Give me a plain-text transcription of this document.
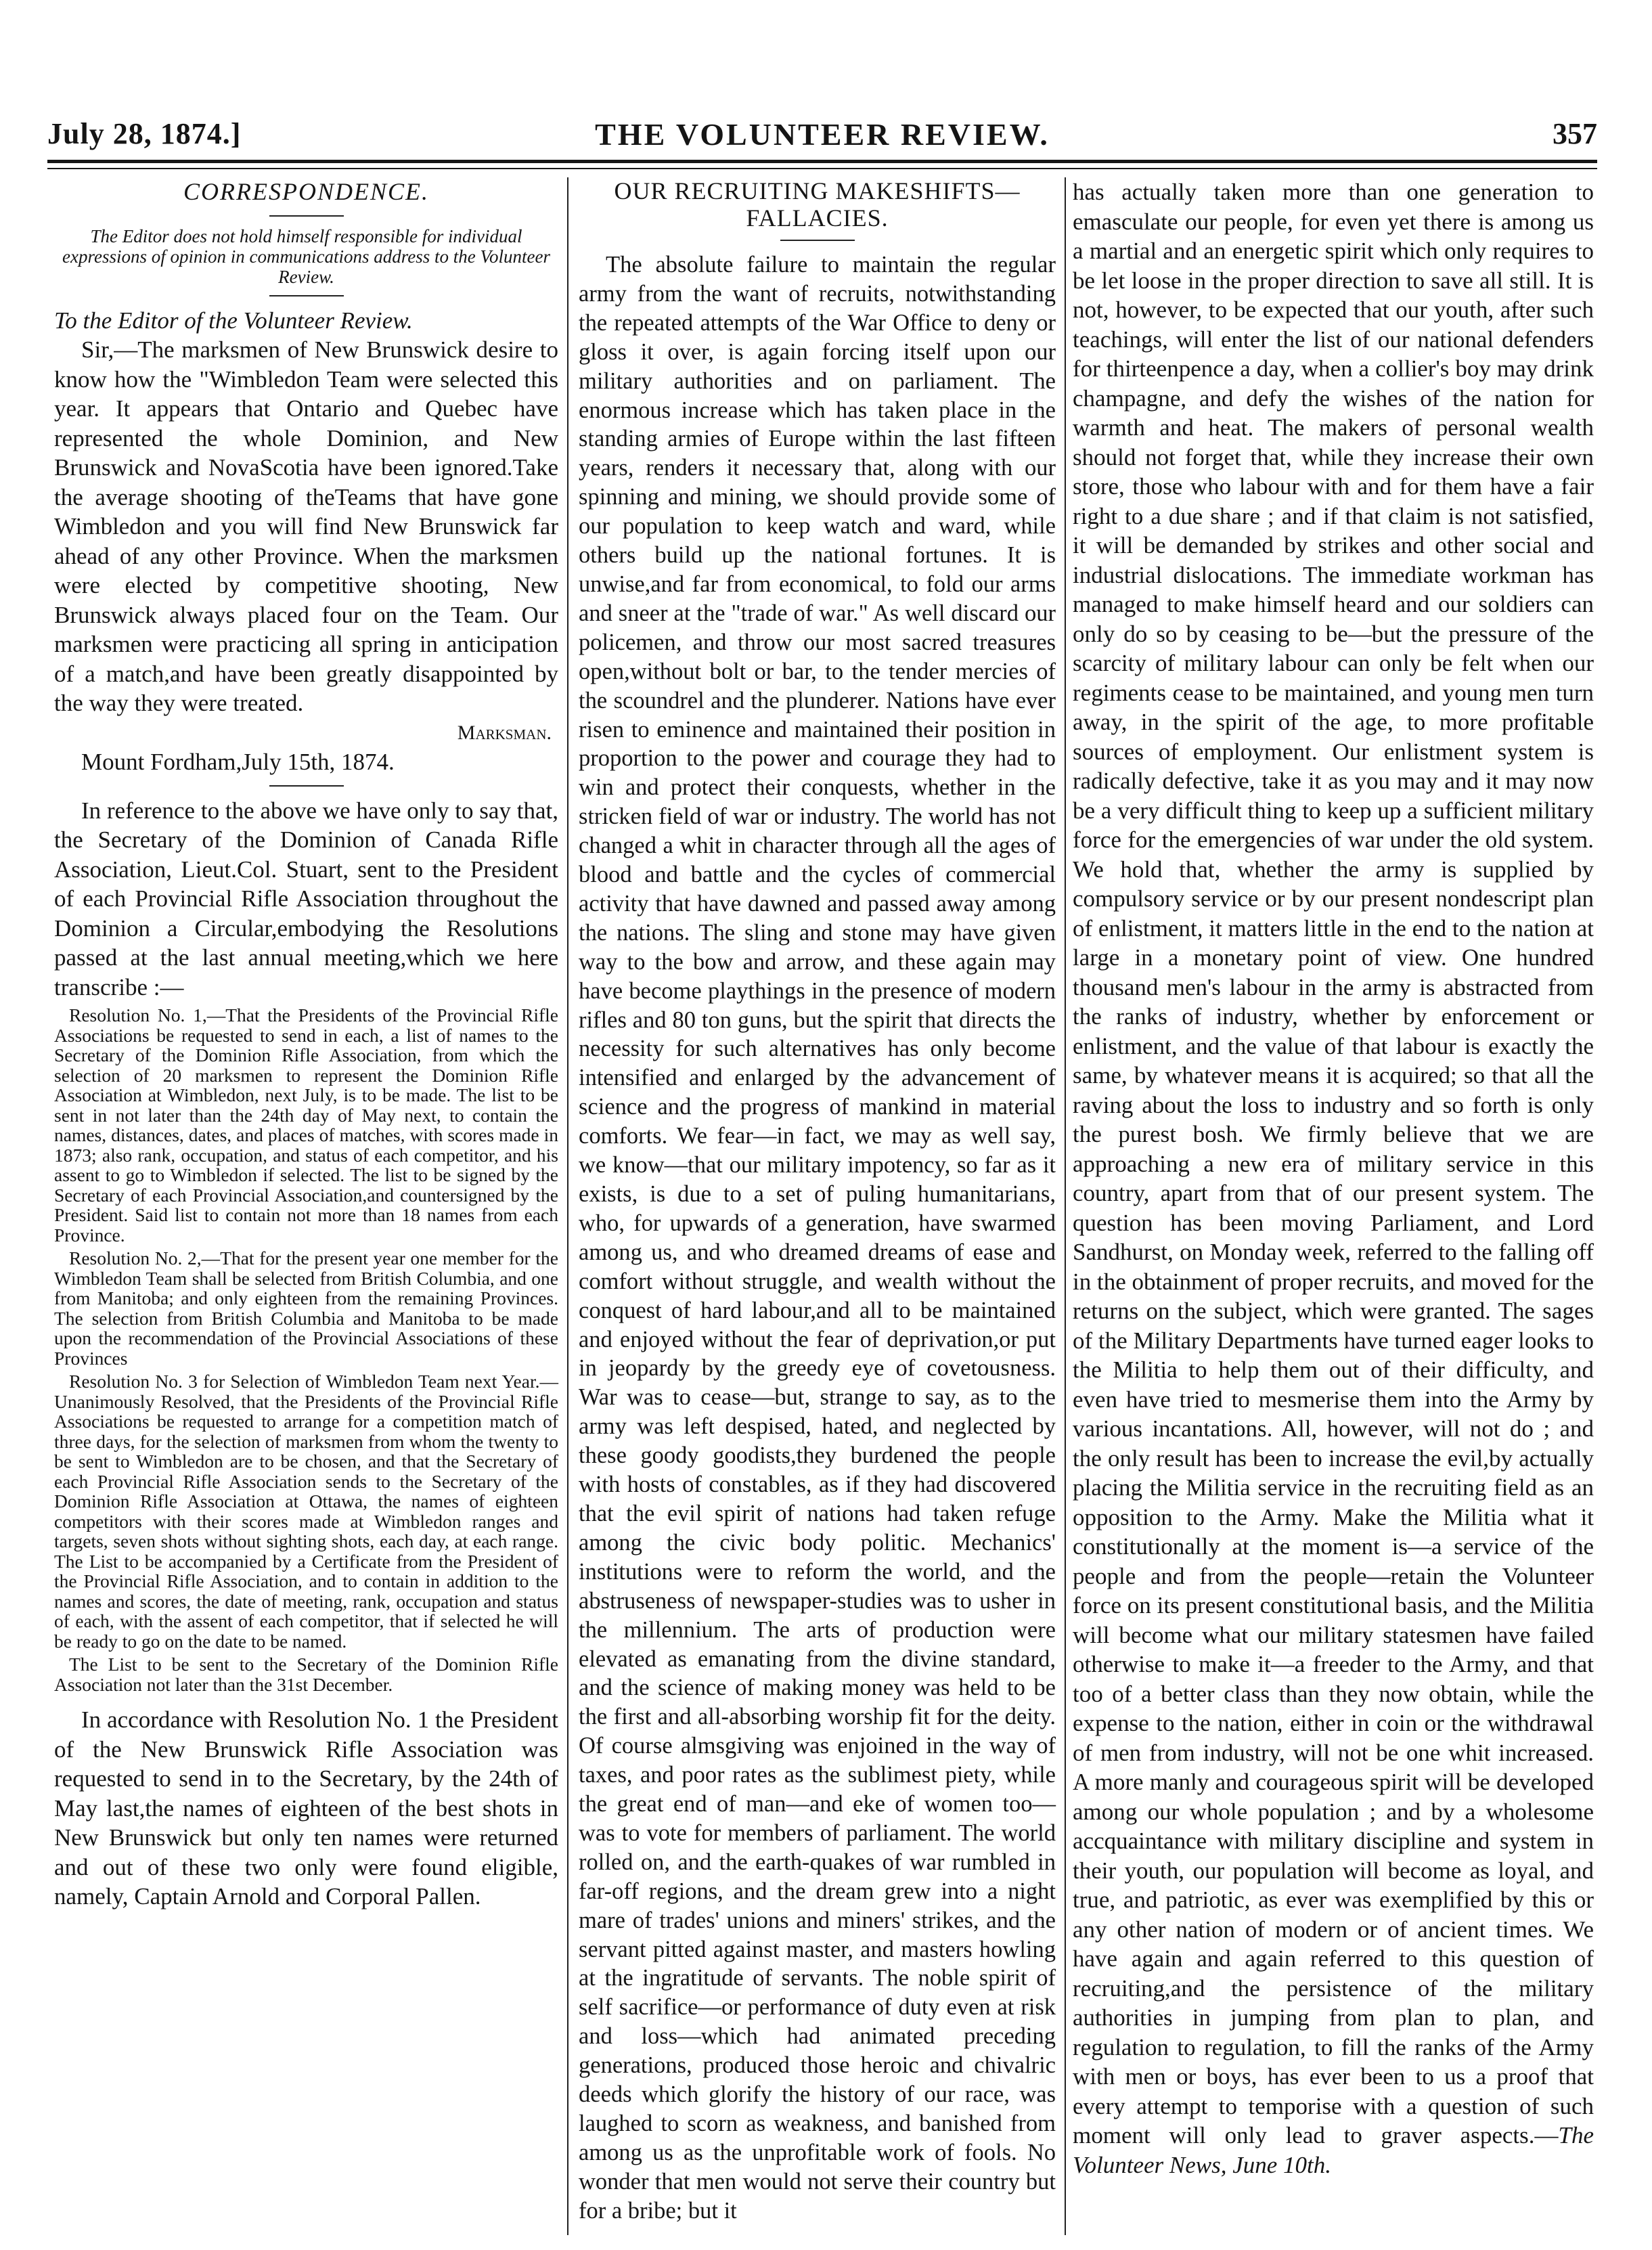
July 28, 1874.]	THE VOLUNTEER REVIEW.	357

CORRESPONDENCE.

The Editor does not hold himself responsible for individual expressions of opinion in communications address to the Volunteer Review.

To the Editor of the Volunteer Review.

Sir,—The marksmen of New Brunswick desire to know how the "Wimbledon Team were selected this year. It appears that Ontario and Quebec have represented the whole Dominion, and New Brunswick and NovaScotia have been ignored.Take the average shooting of theTeams that have gone Wimbledon and you will find New Brunswick far ahead of any other Province. When the marksmen were elected by competitive shooting, New Brunswick always placed four on the Team. Our marksmen were practicing all spring in anticipation of a match,and have been greatly disappointed by the way they were treated.

Marksman.

Mount Fordham,July 15th, 1874.

In reference to the above we have only to say that, the Secretary of the Dominion of Canada Rifle Association, Lieut.Col. Stuart, sent to the President of each Provincial Rifle Association throughout the Dominion a Circular,embodying the Resolutions passed at the last annual meeting,which we here transcribe :—

Resolution No. 1,—That the Presidents of the Provincial Rifle Associations be requested to send in each, a list of names to the Secretary of the Dominion Rifle Association, from which the selection of 20 marksmen to represent the Dominion Rifle Association at Wimbledon, next July, is to be made. The list to be sent in not later than the 24th day of May next, to contain the names, distances, dates, and places of matches, with scores made in 1873; also rank, occupation, and status of each competitor, and his assent to go to Wimbledon if selected. The list to be signed by the Secretary of each Provincial Association,and countersigned by the President. Said list to contain not more than 18 names from each Province.

Resolution No. 2,—That for the present year one member for the Wimbledon Team shall be selected from British Columbia, and one from Manitoba; and only eighteen from the remaining Provinces. The selection from British Columbia and Manitoba to be made upon the recommendation of the Provincial Associations of these Provinces

Resolution No. 3 for Selection of Wimbledon Team next Year.—Unanimously Resolved, that the Presidents of the Provincial Rifle Associations be requested to arrange for a competition match of three days, for the selection of marksmen from whom the twenty to be sent to Wimbledon are to be chosen, and that the Secretary of each Provincial Rifle Association sends to the Secretary of the Dominion Rifle Association at Ottawa, the names of eighteen competitors with their scores made at Wimbledon ranges and targets, seven shots without sighting shots, each day, at each range. The List to be accompanied by a Certificate from the President of the Provincial Rifle Association, and to contain in addition to the names and scores, the date of meeting, rank, occupation and status of each, with the assent of each competitor, that if selected he will be ready to go on the date to be named.

The List to be sent to the Secretary of the Dominion Rifle Association not later than the 31st December.

In accordance with Resolution No. 1 the President of the New Brunswick Rifle Association was requested to send in to the Secretary, by the 24th of May last,the names of eighteen of the best shots in New Brunswick but only ten names were returned and out of these two only were found eligible, namely, Captain Arnold and Corporal Pallen.

OUR RECRUITING MAKESHIFTS—FALLACIES.

The absolute failure to maintain the regular army from the want of recruits, notwithstanding the repeated attempts of the War Office to deny or gloss it over, is again forcing itself upon our military authorities and on parliament. The enormous increase which has taken place in the standing armies of Europe within the last fifteen years, renders it necessary that, along with our spinning and mining, we should provide some of our population to keep watch and ward, while others build up the national fortunes. It is unwise,and far from economical, to fold our arms and sneer at the "trade of war." As well discard our policemen, and throw our most sacred treasures open,without bolt or bar, to the tender mercies of the scoundrel and the plunderer. Nations have ever risen to eminence and maintained their position in proportion to the power and courage they had to win and protect their conquests, whether in the stricken field of war or industry. The world has not changed a whit in character through all the ages of blood and battle and the cycles of commercial activity that have dawned and passed away among the nations. The sling and stone may have given way to the bow and arrow, and these again may have become playthings in the presence of modern rifles and 80 ton guns, but the spirit that directs the necessity for such alternatives has only become intensified and enlarged by the advancement of science and the progress of mankind in material comforts. We fear—in fact, we may as well say, we know—that our military impotency, so far as it exists, is due to a set of puling humanitarians, who, for upwards of a generation, have swarmed among us, and who dreamed dreams of ease and comfort without struggle, and wealth without the conquest of hard labour,and all to be maintained and enjoyed without the fear of deprivation,or put in jeopardy by the greedy eye of covetousness. War was to cease—but, strange to say, as to the army was left despised, hated, and neglected by these goody goodists,they burdened the people with hosts of constables, as if they had discovered that the evil spirit of nations had taken refuge among the civic body politic. Mechanics' institutions were to reform the world, and the abstruseness of newspaper-studies was to usher in the millennium. The arts of production were elevated as emanating from the divine standard, and the science of making money was held to be the first and all-absorbing worship fit for the deity. Of course almsgiving was enjoined in the way of taxes, and poor rates as the sublimest piety, while the great end of man—and eke of women too—was to vote for members of parliament. The world rolled on, and the earth-quakes of war rumbled in far-off regions, and the dream grew into a night mare of trades' unions and miners' strikes, and the servant pitted against master, and masters howling at the ingratitude of servants. The noble spirit of self sacrifice—or performance of duty even at risk and loss—which had animated preceding generations, produced those heroic and chivalric deeds which glorify the history of our race, was laughed to scorn as weakness, and banished from among us as the unprofitable work of fools. No wonder that men would not serve their country but for a bribe; but it

has actually taken more than one generation to emasculate our people, for even yet there is among us a martial and an energetic spirit which only requires to be let loose in the proper direction to save all still. It is not, however, to be expected that our youth, after such teachings, will enter the list of our national defenders for thirteenpence a day, when a collier's boy may drink champagne, and defy the wishes of the nation for warmth and heat. The makers of personal wealth should not forget that, while they increase their own store, those who labour with and for them have a fair right to a due share ; and if that claim is not satisfied, it will be demanded by strikes and other social and industrial dislocations. The immediate workman has managed to make himself heard and our soldiers can only do so by ceasing to be—but the pressure of the scarcity of military labour can only be felt when our regiments cease to be maintained, and young men turn away, in the spirit of the age, to more profitable sources of employment. Our enlistment system is radically defective, take it as you may and it may now be a very difficult thing to keep up a sufficient military force for the emergencies of war under the old system. We hold that, whether the army is supplied by compulsory service or by our present nondescript plan of enlistment, it matters little in the end to the nation at large in a monetary point of view. One hundred thousand men's labour in the army is abstracted from the ranks of industry, whether by enforcement or enlistment, and the value of that labour is exactly the same, by whatever means it is acquired; so that all the raving about the loss to industry and so forth is only the purest bosh. We firmly believe that we are approaching a new era of military service in this country, apart from that of our present system. The question has been moving Parliament, and Lord Sandhurst, on Monday week, referred to the falling off in the obtainment of proper recruits, and moved for the returns on the subject, which were granted. The sages of the Military Departments have turned eager looks to the Militia to help them out of their difficulty, and even have tried to mesmerise them into the Army by various incantations. All, however, will not do ; and the only result has been to increase the evil,by actually placing the Militia service in the recruiting field as an opposition to the Army. Make the Militia what it constitutionally at the moment is—a service of the people and from the people—retain the Volunteer force on its present constitutional basis, and the Militia will become what our military statesmen have failed otherwise to make it—a freeder to the Army, and that too of a better class than they now obtain, while the expense to the nation, either in coin or the withdrawal of men from industry, will not be one whit increased. A more manly and courageous spirit will be developed among our whole population ; and by a wholesome accquaintance with military discipline and system in their youth, our population will become as loyal, and true, and patriotic, as ever was exemplified by this or any other nation of modern or of ancient times. We have again and again referred to this question of recruiting,and the persistence of the military authorities in jumping from plan to plan, and regulation to regulation, to fill the ranks of the Army with men or boys, has ever been to us a proof that every attempt to temporise with a question of such moment will only lead to graver aspects.—The Volunteer News, June 10th.
